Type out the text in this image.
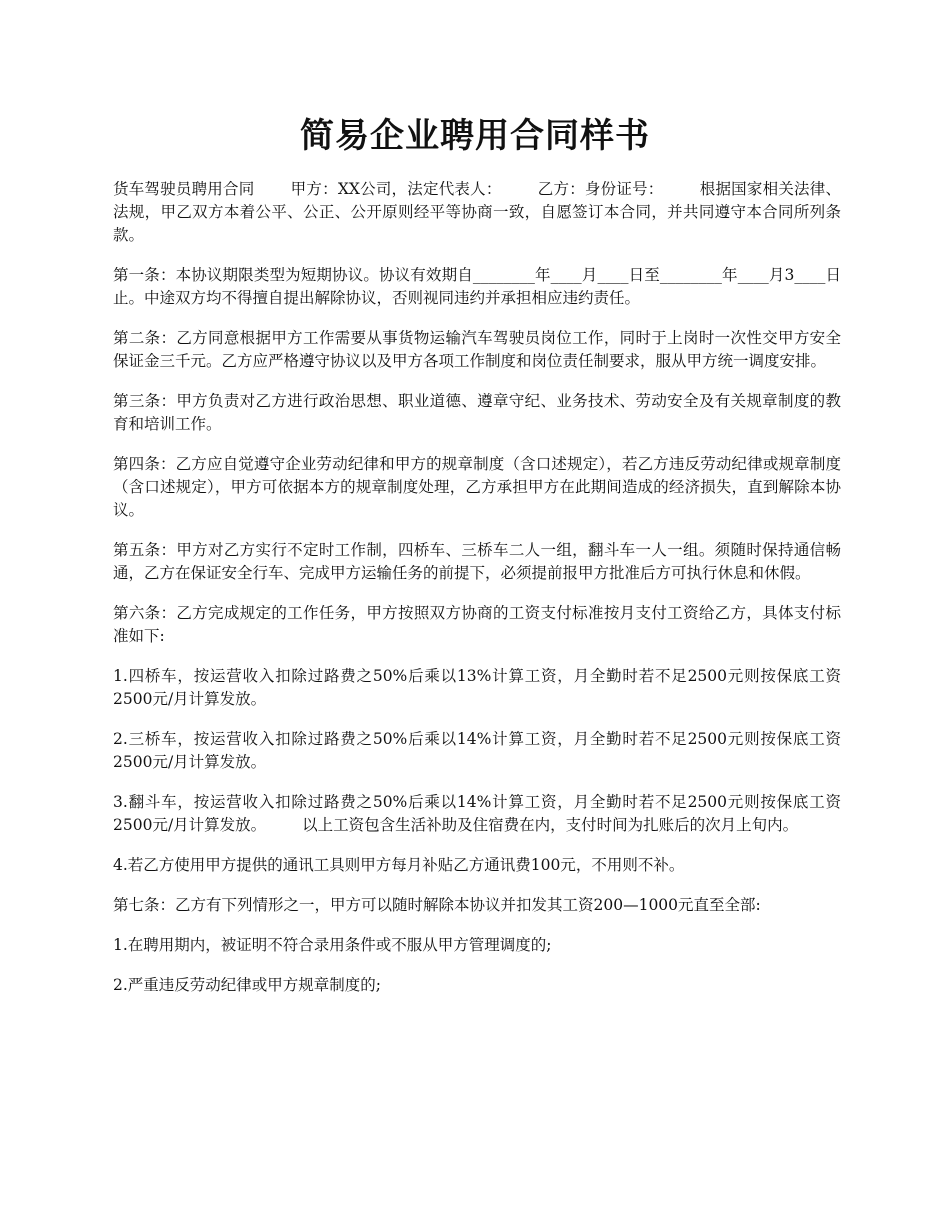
简易企业聘用合同样书

货车驾驶员聘用合同 甲方：XX公司，法定代表人： 乙方：身份证号： 根据国家相关法律、法规，甲乙双方本着公平、公正、公开原则经平等协商一致，自愿签订本合同，并共同遵守本合同所列条款。

第一条：本协议期限类型为短期协议。协议有效期自________年____月____日至________年____月3____日止。中途双方均不得擅自提出解除协议，否则视同违约并承担相应违约责任。

第二条：乙方同意根据甲方工作需要从事货物运输汽车驾驶员岗位工作，同时于上岗时一次性交甲方安全保证金三千元。乙方应严格遵守协议以及甲方各项工作制度和岗位责任制要求，服从甲方统一调度安排。

第三条：甲方负责对乙方进行政治思想、职业道德、遵章守纪、业务技术、劳动安全及有关规章制度的教育和培训工作。

第四条：乙方应自觉遵守企业劳动纪律和甲方的规章制度（含口述规定），若乙方违反劳动纪律或规章制度（含口述规定），甲方可依据本方的规章制度处理，乙方承担甲方在此期间造成的经济损失，直到解除本协议。

第五条：甲方对乙方实行不定时工作制，四桥车、三桥车二人一组，翻斗车一人一组。须随时保持通信畅通，乙方在保证安全行车、完成甲方运输任务的前提下，必须提前报甲方批准后方可执行休息和休假。

第六条：乙方完成规定的工作任务，甲方按照双方协商的工资支付标准按月支付工资给乙方，具体支付标准如下:

1.四桥车，按运营收入扣除过路费之50%后乘以13%计算工资，月全勤时若不足2500元则按保底工资2500元/月计算发放。

2.三桥车，按运营收入扣除过路费之50%后乘以14%计算工资，月全勤时若不足2500元则按保底工资2500元/月计算发放。

3.翻斗车，按运营收入扣除过路费之50%后乘以14%计算工资，月全勤时若不足2500元则按保底工资2500元/月计算发放。 以上工资包含生活补助及住宿费在内，支付时间为扎账后的次月上旬内。

4.若乙方使用甲方提供的通讯工具则甲方每月补贴乙方通讯费100元，不用则不补。

第七条：乙方有下列情形之一，甲方可以随时解除本协议并扣发其工资200—1000元直至全部:

1.在聘用期内，被证明不符合录用条件或不服从甲方管理调度的;

2.严重违反劳动纪律或甲方规章制度的;
